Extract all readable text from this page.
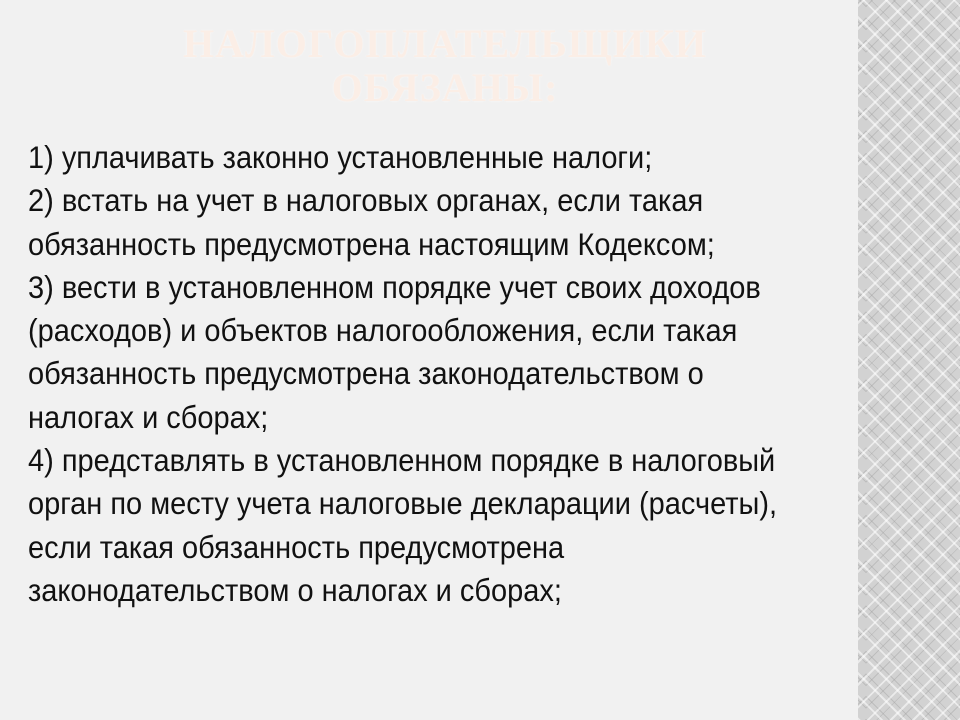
НАЛОГОПЛАТЕЛЬЩИКИ
ОБЯЗАНЫ:

1) уплачивать законно установленные налоги;

2) встать на учет в налоговых органах, если такая обязанность предусмотрена настоящим Кодексом;

3) вести в установленном порядке учет своих доходов (расходов) и объектов налогообложения, если такая обязанность предусмотрена законодательством о налогах и сборах;

4) представлять в установленном порядке в налоговый орган по месту учета налоговые декларации (расчеты), если такая обязанность предусмотрена законодательством о налогах и сборах;
